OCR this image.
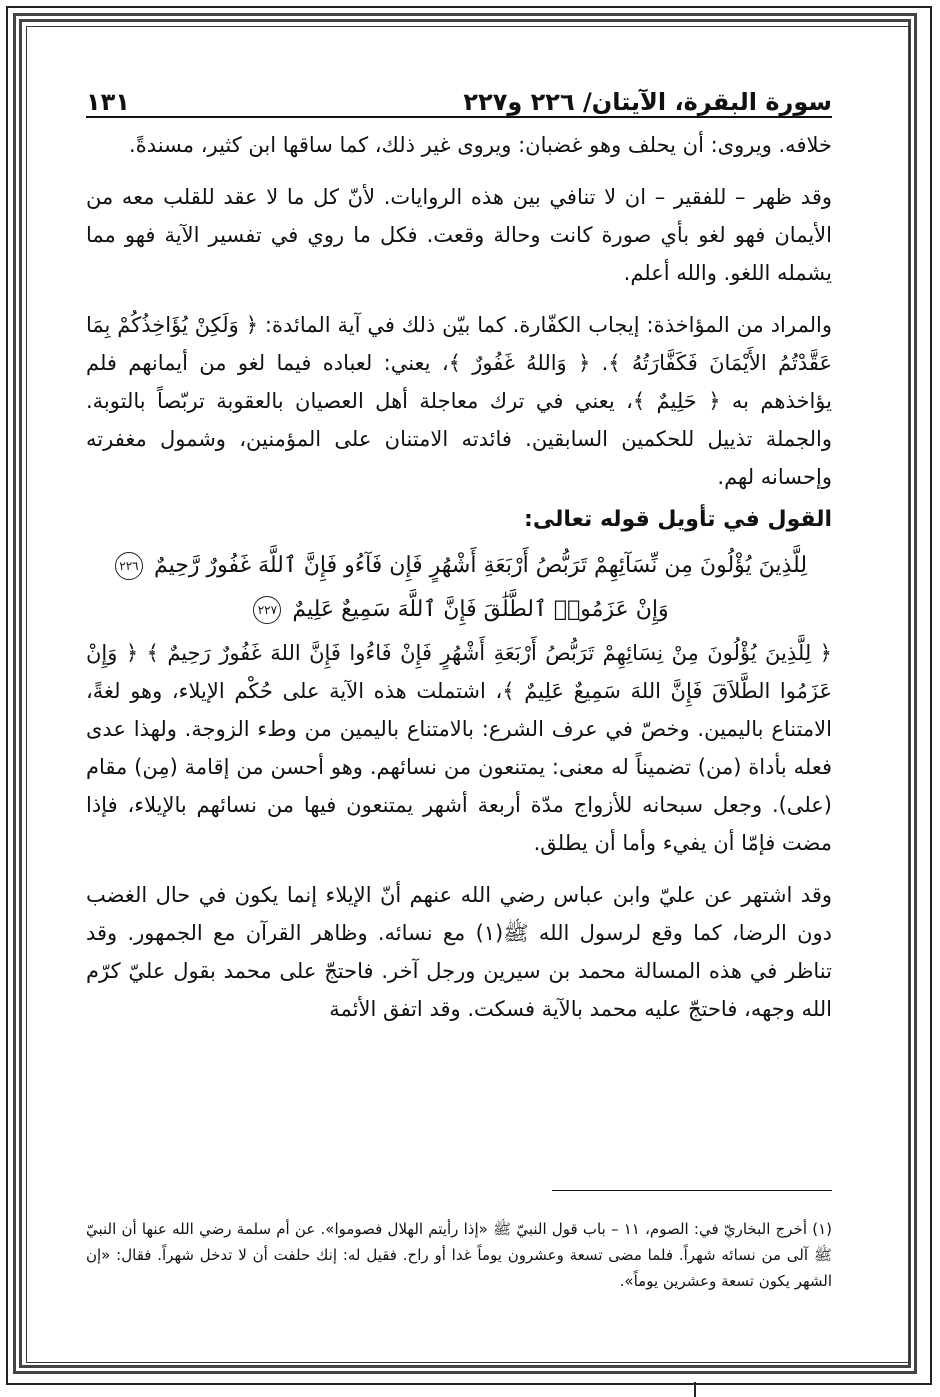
سورة البقرة، الآيتان/ ٢٢٦ و٢٢٧
١٣١

خلافه. ويروى: أن يحلف وهو غضبان: ويروى غير ذلك، كما ساقها ابن كثير، مسندةً.

وقد ظهر – للفقير – ان لا تنافي بين هذه الروايات. لأنّ كل ما لا عقد للقلب معه من الأيمان فهو لغو بأي صورة كانت وحالة وقعت. فكل ما روي في تفسير الآية فهو مما يشمله اللغو. والله أعلم.

والمراد من المؤاخذة: إيجاب الكفّارة. كما بيّن ذلك في آية المائدة: ﴿ وَلَكِنْ يُؤَاخِذُكُمْ بِمَا عَقَّدْتُمُ الأَيْمَانَ فَكَفَّارَتُهُ ﴾. ﴿ وَاللهُ غَفُورٌ ﴾، يعني: لعباده فيما لغو من أيمانهم فلم يؤاخذهم به ﴿ حَلِيمٌ ﴾، يعني في ترك معاجلة أهل العصيان بالعقوبة تربّصاً بالتوبة. والجملة تذييل للحكمين السابقين. فائدته الامتنان على المؤمنين، وشمول مغفرته وإحسانه لهم.

القول في تأويل قوله تعالى:
لِلَّذِينَ يُؤْلُونَ مِن نِّسَآئِهِمْ تَرَبُّصُ أَرْبَعَةِ أَشْهُرٍ فَإِن فَآءُو فَإِنَّ ٱللَّهَ غَفُورٌ رَّحِيمٌ ٢٢٦
وَإِنْ عَزَمُوا۟ ٱلطَّلَٰقَ فَإِنَّ ٱللَّهَ سَمِيعٌ عَلِيمٌ ٢٢٧

﴿ لِلَّذِينَ يُؤْلُونَ مِنْ نِسَائِهِمْ تَرَبُّصُ أَرْبَعَةِ أَشْهُرٍ فَإِنْ فَاءُوا فَإِنَّ اللهَ غَفُورٌ رَحِيمٌ ﴾ ﴿ وَإِنْ عَزَمُوا الطَّلاَقَ فَإِنَّ اللهَ سَمِيعٌ عَلِيمٌ ﴾، اشتملت هذه الآية على حُكْم الإيلاء، وهو لغةً، الامتناع باليمين. وخصّ في عرف الشرع: بالامتناع باليمين من وطء الزوجة. ولهذا عدى فعله بأداة (من) تضميناً له معنى: يمتنعون من نسائهم. وهو أحسن من إقامة (مِن) مقام (على). وجعل سبحانه للأزواج مدّة أربعة أشهر يمتنعون فيها من نسائهم بالإيلاء، فإذا مضت فإمّا أن يفيء وأما أن يطلق.

وقد اشتهر عن عليّ وابن عباس رضي الله عنهم أنّ الإيلاء إنما يكون في حال الغضب دون الرضا، كما وقع لرسول الله ﷺ(١) مع نسائه. وظاهر القرآن مع الجمهور. وقد تناظر في هذه المسالة محمد بن سيرين ورجل آخر. فاحتجّ على محمد بقول عليّ كرّم الله وجهه، فاحتجّ عليه محمد بالآية فسكت. وقد اتفق الأئمة

(١) أخرج البخاريّ في: الصوم، ١١ – باب قول النبيّ ﷺ «إذا رأيتم الهلال فصوموا». عن أم سلمة رضي الله عنها أن النبيّ ﷺ آلى من نسائه شهراً. فلما مضى تسعة وعشرون يوماً غدا أو راح. فقيل له: إنك حلفت أن لا تدخل شهراً. فقال: «إن الشهر يكون تسعة وعشرين يوماً».
